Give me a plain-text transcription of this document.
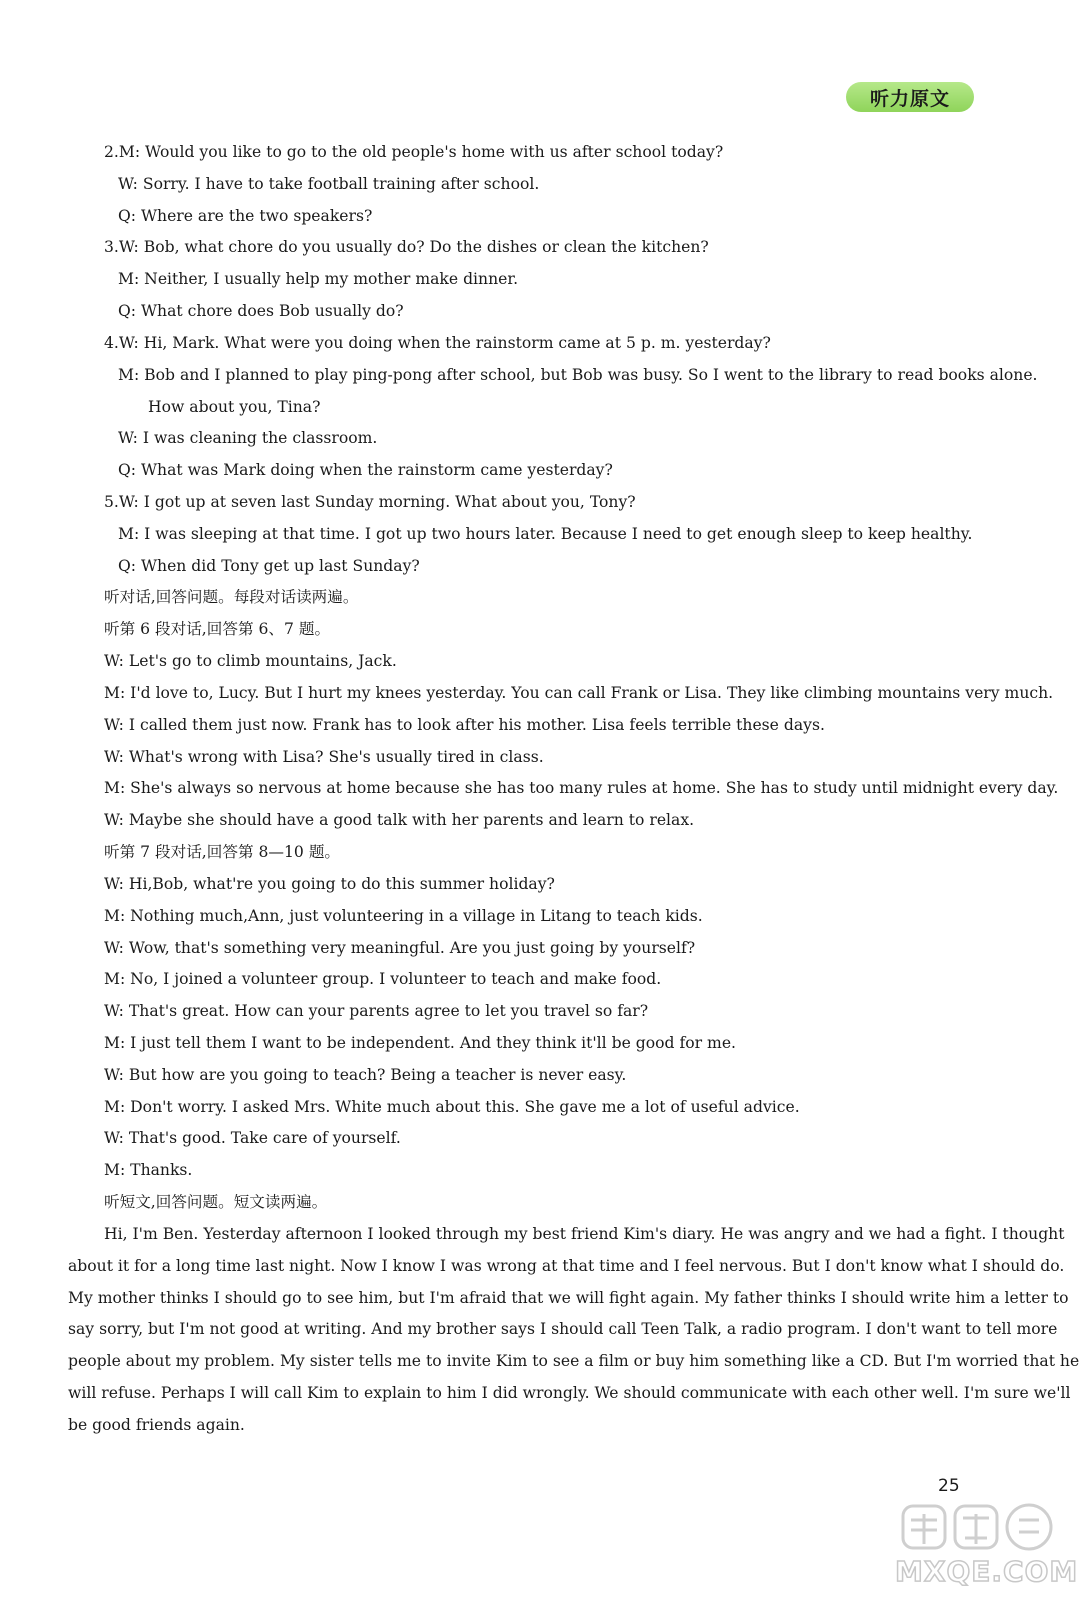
听力原文
2.M: Would you like to go to the old people's home with us after school today?
W: Sorry. I have to take football training after school.
Q: Where are the two speakers?
3.W: Bob, what chore do you usually do? Do the dishes or clean the kitchen?
M: Neither, I usually help my mother make dinner.
Q: What chore does Bob usually do?
4.W: Hi, Mark. What were you doing when the rainstorm came at 5 p. m. yesterday?
M: Bob and I planned to play ping-pong after school, but Bob was busy. So I went to the library to read books alone.
How about you, Tina?
W: I was cleaning the classroom.
Q: What was Mark doing when the rainstorm came yesterday?
5.W: I got up at seven last Sunday morning. What about you, Tony?
M: I was sleeping at that time. I got up two hours later. Because I need to get enough sleep to keep healthy.
Q: When did Tony get up last Sunday?
听对话,回答问题。每段对话读两遍。
听第 6 段对话,回答第 6、7 题。
W: Let's go to climb mountains, Jack.
M: I'd love to, Lucy. But I hurt my knees yesterday. You can call Frank or Lisa. They like climbing mountains very much.
W: I called them just now. Frank has to look after his mother. Lisa feels terrible these days.
W: What's wrong with Lisa? She's usually tired in class.
M: She's always so nervous at home because she has too many rules at home. She has to study until midnight every day.
W: Maybe she should have a good talk with her parents and learn to relax.
听第 7 段对话,回答第 8—10 题。
W: Hi,Bob, what're you going to do this summer holiday?
M: Nothing much,Ann, just volunteering in a village in Litang to teach kids.
W: Wow, that's something very meaningful. Are you just going by yourself?
M: No, I joined a volunteer group. I volunteer to teach and make food.
W: That's great. How can your parents agree to let you travel so far?
M: I just tell them I want to be independent. And they think it'll be good for me.
W: But how are you going to teach? Being a teacher is never easy.
M: Don't worry. I asked Mrs. White much about this. She gave me a lot of useful advice.
W: That's good. Take care of yourself.
M: Thanks.
听短文,回答问题。短文读两遍。
Hi, I'm Ben. Yesterday afternoon I looked through my best friend Kim's diary. He was angry and we had a fight. I thought
about it for a long time last night. Now I know I was wrong at that time and I feel nervous. But I don't know what I should do.
My mother thinks I should go to see him, but I'm afraid that we will fight again. My father thinks I should write him a letter to
say sorry, but I'm not good at writing. And my brother says I should call Teen Talk, a radio program. I don't want to tell more
people about my problem. My sister tells me to invite Kim to see a film or buy him something like a CD. But I'm worried that he
will refuse. Perhaps I will call Kim to explain to him I did wrongly. We should communicate with each other well. I'm sure we'll
be good friends again.
25
MXQE.COM
